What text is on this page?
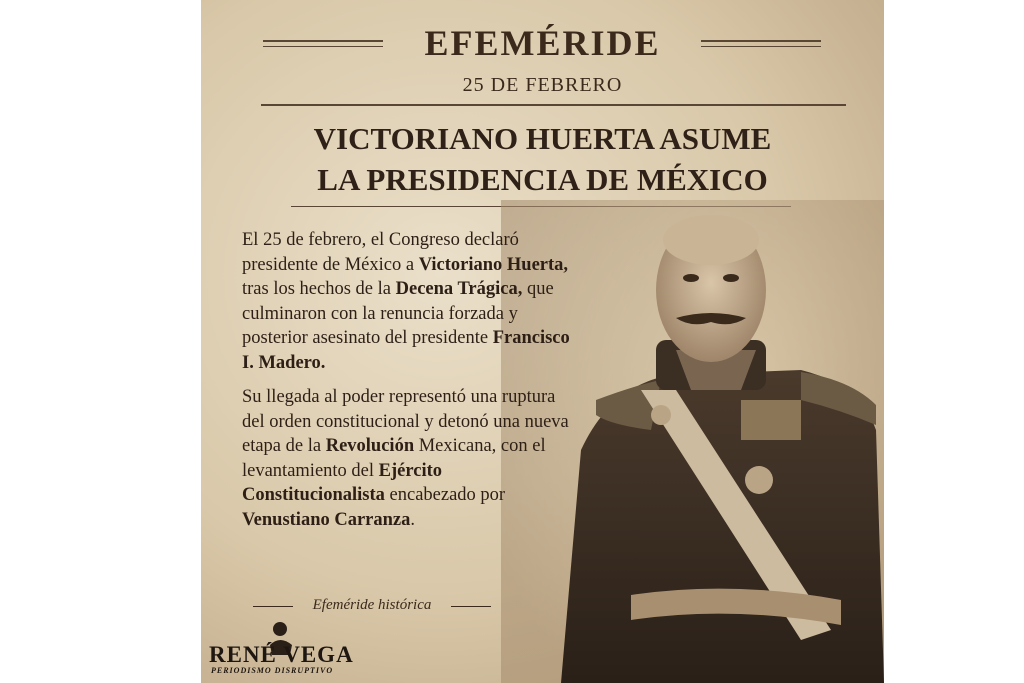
EFEMÉRIDE
25 DE FEBRERO
VICTORIANO HUERTA ASUME
LA PRESIDENCIA DE MÉXICO

El 25 de febrero, el Congreso declaró presidente de México a Victoriano Huerta, tras los hechos de la Decena Trágica, que culminaron con la renuncia forzada y posterior asesinato del presidente Francisco I. Madero.

Su llegada al poder representó una ruptura del orden constitucional y detonó una nueva etapa de la Revolución Mexicana, con el levantamiento del Ejército Constitucionalista encabezado por Venustiano Carranza.

Efeméride histórica
RENÉ VEGA
PERIODISMO DISRUPTIVO
